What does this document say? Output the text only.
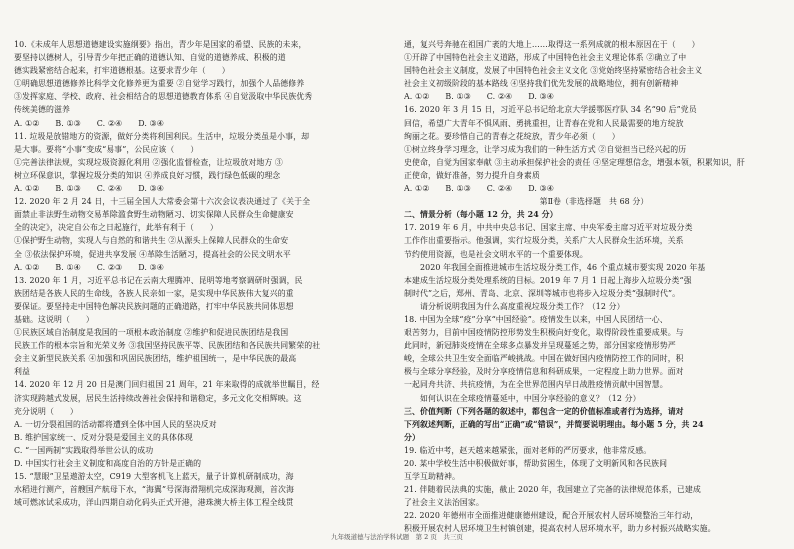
10.《未成年人思想道德建设实施纲要》指出，青少年是国家的希望、民族的未来，

要坚持以德树人，引导青少年把正确的道德认知、自觉的道德养成、积极的道

德实践紧密结合起来，打牢道德根基。这要求青少年（　　）

①明确思想道德修养比科学文化修养更为重要 ②自觉学习践行，加强个人品德修养

③发挥家庭、学校、政府、社会相结合的思想道德教育体系 ④自觉汲取中华民族优秀

传统美德的滋养

A. ①②　　B. ①③　　C. ②④　　D. ③④

11. 垃圾是放错地方的资源，做好分类将利国利民。生活中，垃圾分类虽是小事，却

是大事。要将“小事”变成“易事”，公民应该（　　）

①完善法律法规，实现垃圾资源化利用 ②强化监督检查，让垃圾放对地方 ③

树立环保意识，掌握垃圾分类的知识 ④养成良好习惯，践行绿色低碳的理念

A. ①②　　B. ①③　　C. ②④　　D. ③④

12. 2020 年 2 月 24 日，十三届全国人大常委会第十六次会议表决通过了《关于全

面禁止非法野生动物交易革除滥食野生动物陋习、切实保障人民群众生命健康安

全的决定》，决定自公布之日起施行，此举有利于（　　）

①保护野生动物，实现人与自然的和谐共生 ②从源头上保障人民群众的生命安

全 ③依法保护环境，促进共享发展 ④革除生活陋习，提高社会的公民文明水平

A. ①②　　B. ①④　　C. ②③　　D. ③④

13. 2020 年 1 月，习近平总书记在云南大理腾冲、昆明等地考察调研时强调，民

族团结是各族人民的生命线，各族人民亲如一家，是实现中华民族伟大复兴的重

要保证。要坚持走中国特色解决民族问题的正确道路，打牢中华民族共同体思想

基础。这说明（　　）

①民族区域自治制度是我国的一项根本政治制度 ②维护和促进民族团结是我国

民族工作的根本宗旨和光荣义务 ③我国坚持民族平等、民族团结和各民族共同繁荣的社

会主义新型民族关系 ④加强和巩固民族团结，维护祖国统一，是中华民族的最高

利益

14. 2020 年 12 月 20 日是澳门回归祖国 21 周年，21 年来取得的成就举世瞩目，经

济实现跨越式发展，居民生活持续改善社会保持和谐稳定，多元文化交相辉映。这

充分说明（　　）

A. 一切分裂祖国的活动都将遭到全体中国人民的坚决反对

B. 维护国家统一、反对分裂是爱国主义的具体体现

C. “一国两制”实践取得举世公认的成功

D. 中国实行社会主义制度和高度自治的方针是正确的

15. “慧眼”卫星遨游太空，C919 大型客机飞上蓝天，量子计算机研制成功，海

水稻进行测产，首艘国产航母下水，“海翼”号深海滑翔机完成深海观测，首次海

域可燃冰试采成功，洋山四期自动化码头正式开港，港珠澳大桥主体工程全线贯

通，复兴号奔驰在祖国广袤的大地上……取得这一系列成就的根本原因在于（　　）

①开辟了中国特色社会主义道路，形成了中国特色社会主义理论体系 ②确立了中

国特色社会主义制度，发展了中国特色社会主义文化 ③党始终坚持紧密结合社会主义

社会主义初级阶段的基本路线 ④坚持我们优先发展的战略地位，拥有创新精神

A. ①②　　B. ①③　　C. ②④　　D. ③④

16. 2020 年 3 月 15 日，习近平总书记给北京大学援鄂医疗队 34 名“90 后”党员

回信，希望广大青年不惧风雨、勇挑重担，让青春在党和人民最需要的地方绽放

绚丽之花。要珍惜自己的青春之花绽放，青少年必须（　　）

①树立终身学习理念，让学习成为我们的一种生活方式 ②自觉担当已经兴起的历

史使命，自觉为国家奉献 ③主动承担保护社会的责任 ④坚定理想信念，增强本领，积累知识，肝

正使命，做好准备，努力提升自身素质

A. ①②　　B. ①③　　C. ②④　　D. ③④

第Ⅱ卷（非选择题　共 68 分）

二、情景分析（每小题 12 分，共 24 分）

17. 2019 年 6 月，中共中央总书记、国家主席、中央军委主席习近平对垃圾分类

工作作出重要指示。他强调，实行垃圾分类，关系广大人民群众生活环境，关系

节约使用资源，也是社会文明水平的一个重要体现。

　　2020 年我国全面推进城市生活垃圾分类工作，46 个重点城市要实现 2020 年基

本建成生活垃圾分类处理系统的目标。2019 年 7 月 1 日起上海步入垃圾分类“强

制时代”之后，郑州、青岛、北京、深圳等城市也将步入垃圾分类“强制时代”。

　　请分析说明我国为什么高度重视垃圾分类工作？（12 分）

18. 中国为全球“疫”分享“中国经验”。疫情发生以来，中国人民团结一心、

艰苦努力，目前中国疫情防控形势发生积极向好变化，取得阶段性重要成果。与

此同时，新冠肺炎疫情在全球多点暴发并呈现蔓延之势，部分国家疫情形势严

峻，全球公共卫生安全面临严峻挑战。中国在做好国内疫情防控工作的同时，积

极与全球分享经验，及时分享疫情信息和科研成果，一定程度上助力世界。面对

一起同舟共济、共抗疫情，为在全世界范围内早日战胜疫情贡献中国智慧。

　　如何认识在全球疫情蔓延中，中国分享经验的意义？（12 分）

三、价值判断（下列各题的叙述中，都包含一定的价值标准或者行为选择，请对

下列叙述判断，正确的写出“正确”或“错误”，并简要说明理由。每小题 5 分，共 24

分）

19. 临近中考，赵天越来越紧张，面对老师的严厉要求，他非常反感。

20. 某中学校生活中积极做好事，帮助贫困生，体现了文明新风和各民族间

互学互助精神。

21. 伴随着民法典的实施，截止 2020 年，我国建立了完备的法律规范体系，已建成

了社会主义法治国家。

22. 2020 年德州市全面推进健康德州建设，配合开展农村人居环境整治三年行动，

积极开展农村人居环境卫生村镇创建，提高农村人居环境水平，助力乡村振兴战略实施。

九年级道德与法治学科试题　第 2 页　共三页
